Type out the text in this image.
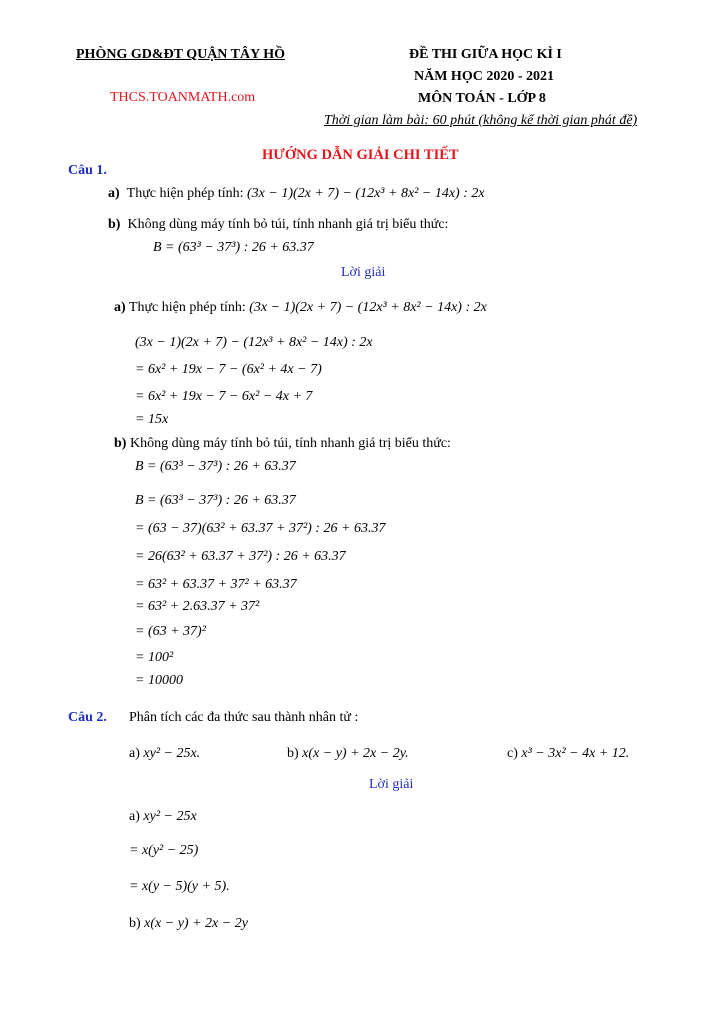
PHÒNG GD&ĐT QUẬN TÂY HỒ
THCS.TOANMATH.com
ĐỀ THI GIỮA HỌC KÌ I
NĂM HỌC 2020 - 2021
MÔN TOÁN - LỚP 8
Thời gian làm bài: 60 phút (không kể thời gian phát đề)
HƯỚNG DẪN GIẢI CHI TIẾT
Câu 1.
a) Thực hiện phép tính: (3x − 1)(2x + 7) − (12x³ + 8x² − 14x) : 2x
b) Không dùng máy tính bỏ túi, tính nhanh giá trị biểu thức:
B = (63³ − 37³) : 26 + 63.37
Lời giải
a) Thực hiện phép tính: (3x − 1)(2x + 7) − (12x³ + 8x² − 14x) : 2x
(3x − 1)(2x + 7) − (12x³ + 8x² − 14x) : 2x
= 6x² + 19x − 7 − (6x² + 4x − 7)
= 6x² + 19x − 7 − 6x² − 4x + 7
= 15x
b) Không dùng máy tính bỏ túi, tính nhanh giá trị biểu thức:
B = (63³ − 37³) : 26 + 63.37
B = (63³ − 37³) : 26 + 63.37
= (63 − 37)(63² + 63.37 + 37²) : 26 + 63.37
= 26(63² + 63.37 + 37²) : 26 + 63.37
= 63² + 63.37 + 37² + 63.37
= 63² + 2.63.37 + 37²
= (63 + 37)²
= 100²
= 10000
Câu 2. Phân tích các đa thức sau thành nhân tử :
a) xy² − 25x.	b) x(x − y) + 2x − 2y.	c) x³ − 3x² − 4x + 12.
Lời giải
a) xy² − 25x
= x(y² − 25)
= x(y − 5)(y + 5).
b) x(x − y) + 2x − 2y
